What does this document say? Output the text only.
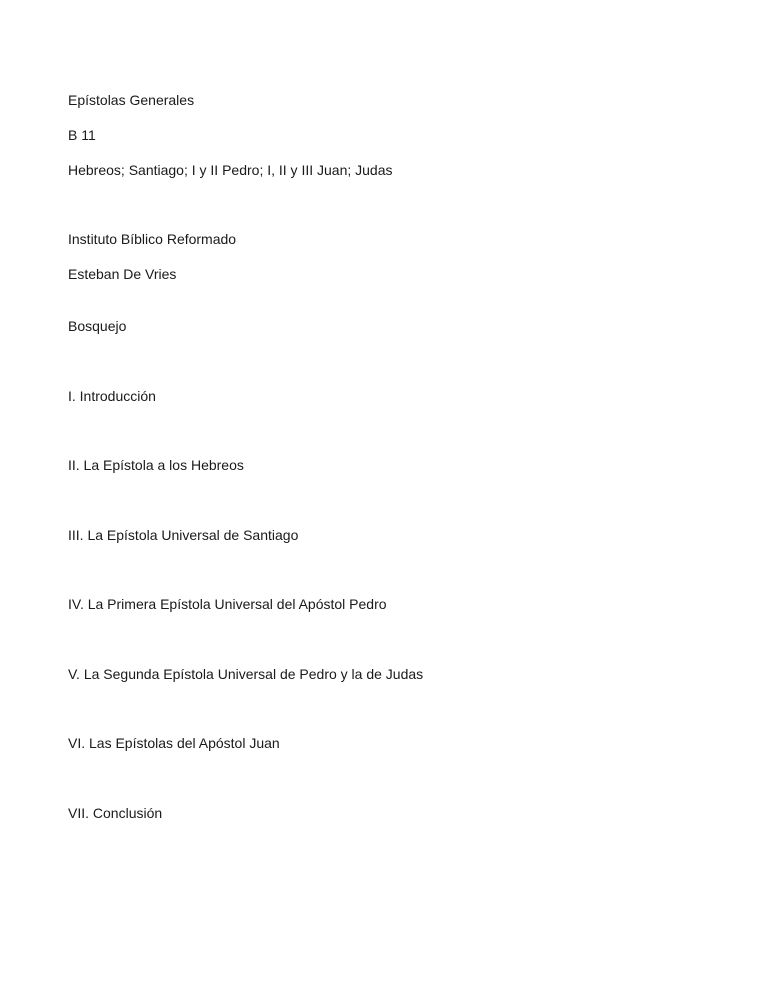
Epístolas Generales
B 11
Hebreos; Santiago; I y II Pedro; I, II y III Juan; Judas
Instituto Bíblico Reformado
Esteban De Vries
Bosquejo
I. Introducción
II. La Epístola a los Hebreos
III. La Epístola Universal de Santiago
IV. La Primera Epístola Universal del Apóstol Pedro
V. La Segunda Epístola Universal de Pedro y la de Judas
VI. Las Epístolas del Apóstol Juan
VII. Conclusión
